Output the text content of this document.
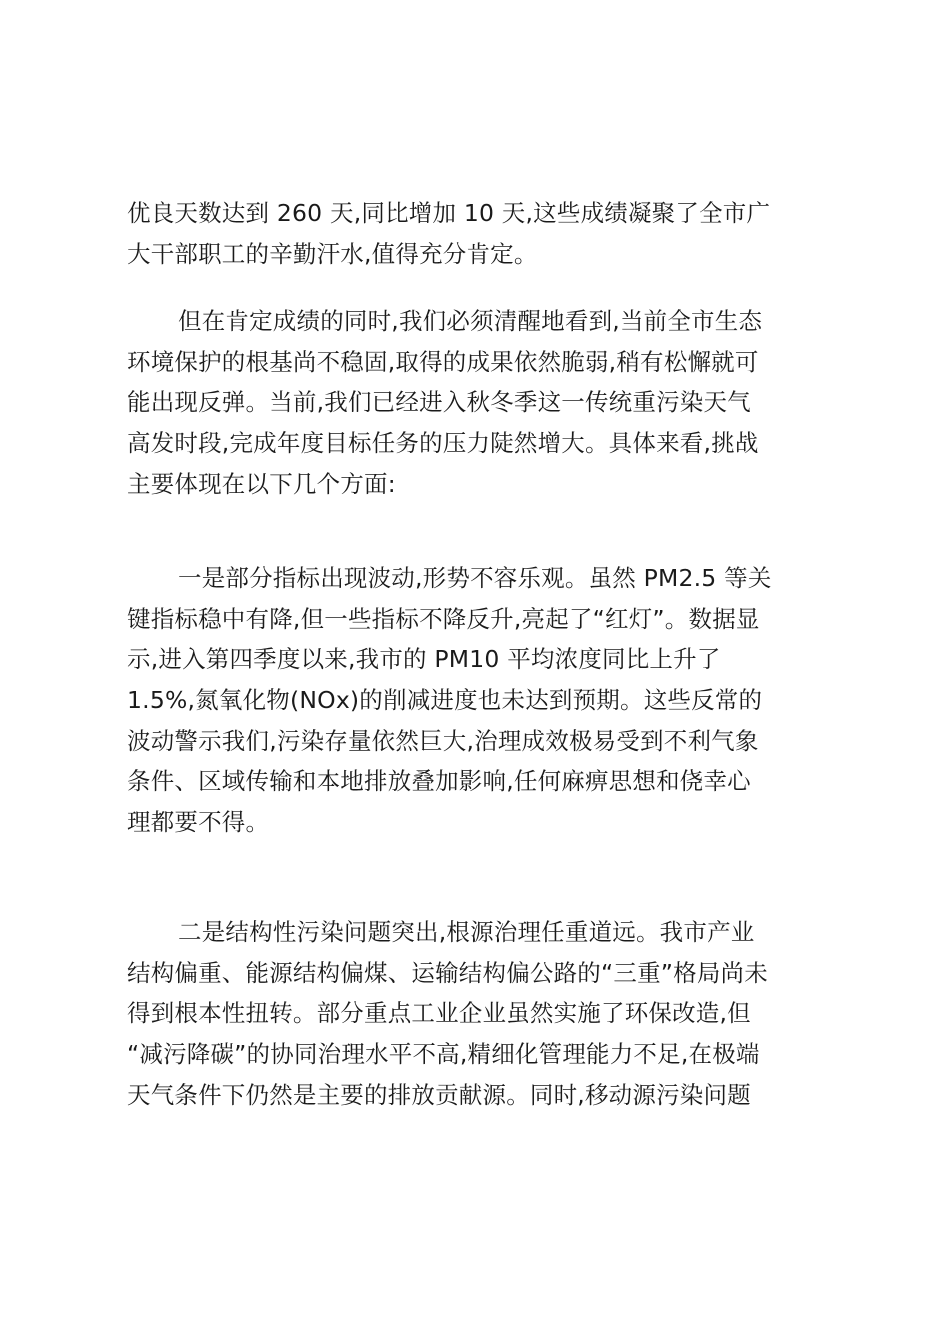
优良天数达到 260 天,同比增加 10 天,这些成绩凝聚了全市广
大干部职工的辛勤汗水,值得充分肯定。
但在肯定成绩的同时,我们必须清醒地看到,当前全市生态
环境保护的根基尚不稳固,取得的成果依然脆弱,稍有松懈就可
能出现反弹。当前,我们已经进入秋冬季这一传统重污染天气
高发时段,完成年度目标任务的压力陡然增大。具体来看,挑战
主要体现在以下几个方面:
一是部分指标出现波动,形势不容乐观。虽然 PM2.5 等关
键指标稳中有降,但一些指标不降反升,亮起了“红灯”。数据显
示,进入第四季度以来,我市的 PM10 平均浓度同比上升了
1.5%,氮氧化物(NOx)的削减进度也未达到预期。这些反常的
波动警示我们,污染存量依然巨大,治理成效极易受到不利气象
条件、区域传输和本地排放叠加影响,任何麻痹思想和侥幸心
理都要不得。
二是结构性污染问题突出,根源治理任重道远。我市产业
结构偏重、能源结构偏煤、运输结构偏公路的“三重”格局尚未
得到根本性扭转。部分重点工业企业虽然实施了环保改造,但
“减污降碳”的协同治理水平不高,精细化管理能力不足,在极端
天气条件下仍然是主要的排放贡献源。同时,移动源污染问题
